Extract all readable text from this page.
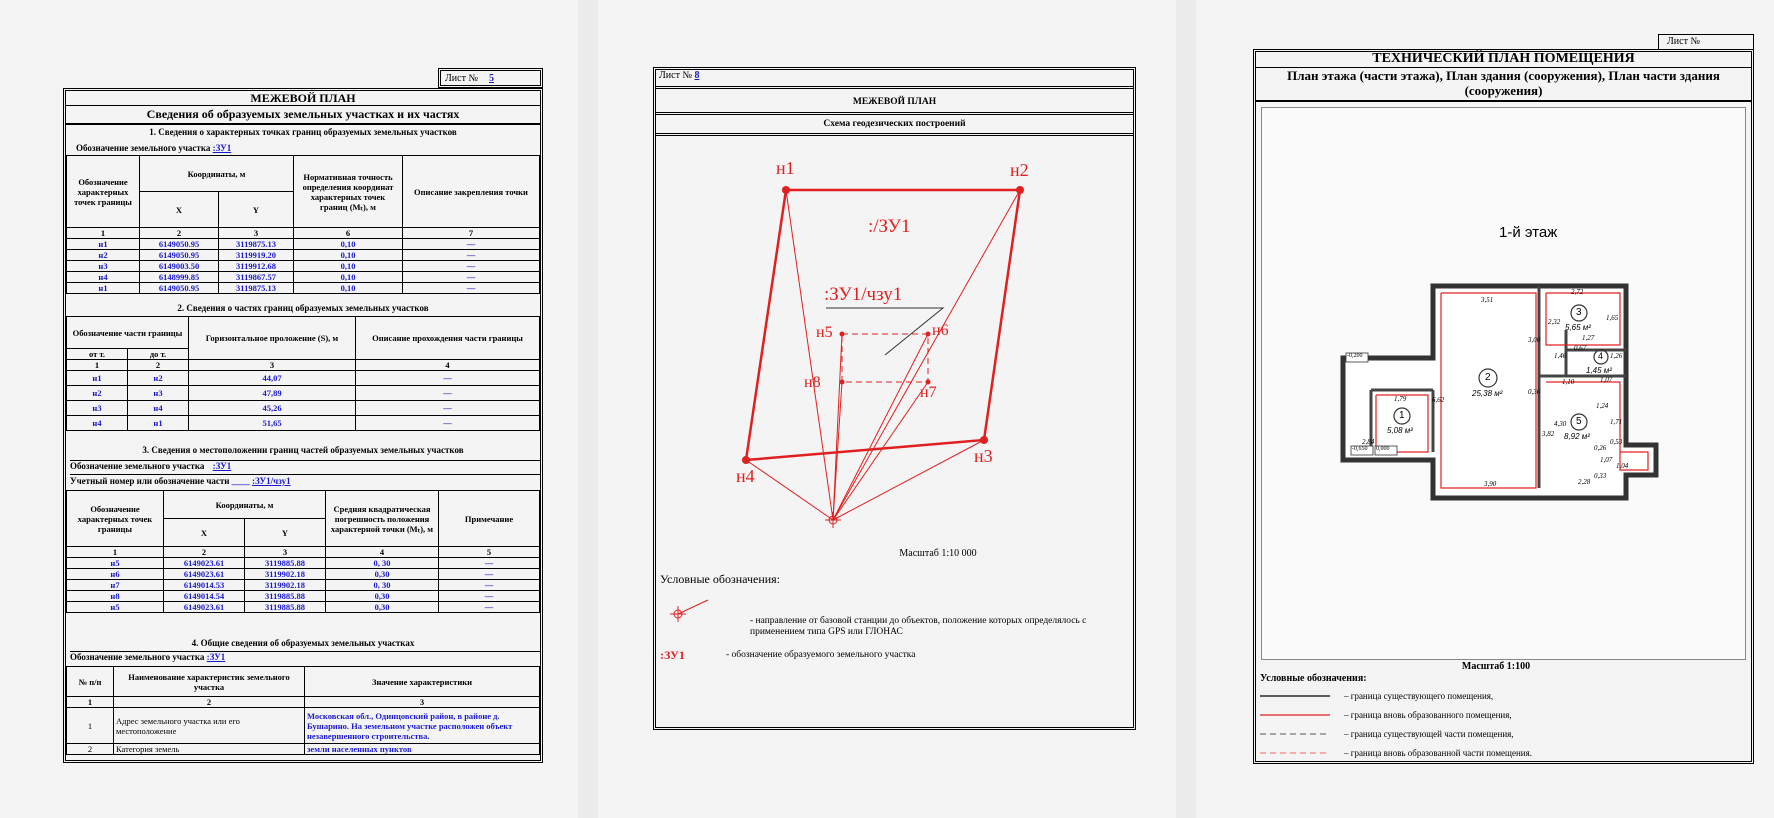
Лист № 5
МЕЖЕВОЙ ПЛАН
Сведения об образуемых земельных участках и их частях
1. Сведения о характерных точках границ образуемых земельных участков
Обозначение земельного участка :ЗУ1
Обозначение характерных точек границы	Координаты, м		Нормативная точность определения координат характерных точек границ (Mₜ), м	Описание закрепления точки
	X	Y		
1	2	3	6	7
н1	6149050.95	3119875.13	0,10	—
н2	6149050.95	3119919.20	0,10	—
н3	6149003.50	3119912.68	0,10	—
н4	6148999.85	3119867.57	0,10	—
н1	6149050.95	3119875.13	0,10	—
2. Сведения о частях границ образуемых земельных участков
Обозначение части границы		Горизонтальное проложение (S), м	Описание прохождения части границы
от т.	до т.		
1	2	3	4
н1	н2	44,07	—
н2	н3	47,89	—
н3	н4	45,26	—
н4	н1	51,65	—
3. Сведения о местоположении границ частей образуемых земельных участков
Обозначение земельного участка :ЗУ1
Учетный номер или обозначение части ____ :ЗУ1/чзу1
Обозначение характерных точек границы	Координаты, м		Средняя квадратическая погрешность положения характерной точки (Mₜ), м	Примечание
	X	Y		
1	2	3	4	5
н5	6149023.61	3119885.88	0, 30	—
н6	6149023.61	3119902.18	0,30	—
н7	6149014.53	3119902.18	0, 30	—
н8	6149014.54	3119885.88	0,30	—
н5	6149023.61	3119885.88	0,30	—
4. Общие сведения об образуемых земельных участках
Обозначение земельного участка :ЗУ1
№ п/п	Наименование характеристик земельного участка	Значение характеристики
1	2	3
1	Адрес земельного участка или его местоположение	Московская обл., Одинцовский район, в районе д. Бушарино. На земельном участке расположен объект незавершенного строительства.
2	Категория земель	земли населенных пунктов
Лист № 8
МЕЖЕВОЙ ПЛАН
Схема геодезических построений
н1	н2
н3
н4
н5	н6
н7
н8
:/ЗУ1
:ЗУ1/чзу1
Масштаб 1:10 000
Условные обозначения:
- направление от базовой станции до объектов, положение которых определялось с применением типа GPS или ГЛОНАС
:ЗУ1	- обозначение образуемого земельного участка
Лист №
ТЕХНИЧЕСКИЙ ПЛАН ПОМЕЩЕНИЯ
План этажа (части этажа), План здания (сооружения), План части здания (сооружения)
1-й этаж
2
25,38 м²
3
5,65 м²
4
1,45 м²
5
8,92 м²
1
5,08 м²
3,51
2,72
2,32	1,65
3,00
1,46
1,27
0,67
1,26
1,07
1,79	6,62
0,36
1,10
1,24
3,82
4,30	1,71
2,84
0,26
0,53
1,07
1,04
2,28
3,90
0,33
-0,200
-0,650 0,000
Масштаб 1:100
Условные обозначения:
– граница существующего помещения,
– граница вновь образованного помещения,
– граница существующей части помещения,
– граница вновь образованной части помещения.
